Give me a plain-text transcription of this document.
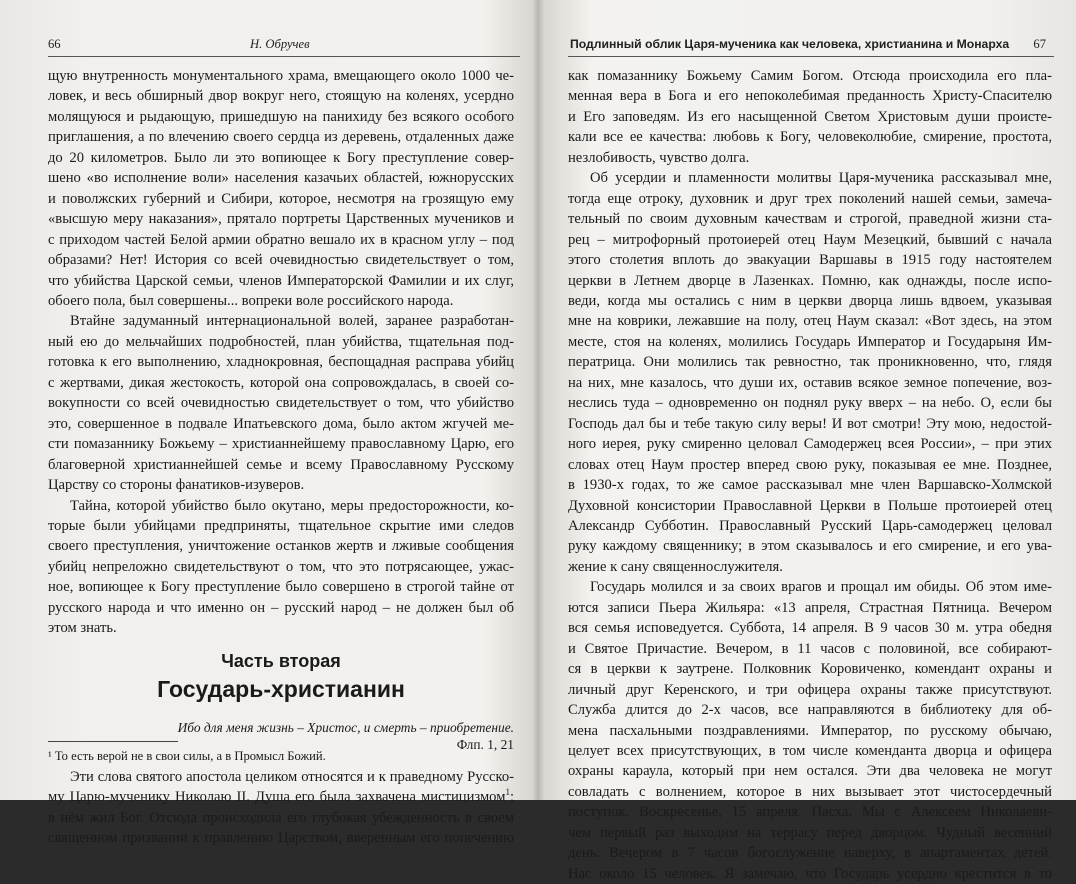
66	Н. Обручев
щую внутренность монументального храма, вмещающего около 1000 че-
ловек, и весь обширный двор вокруг него, стоящую на коленях, усердно
молящуюся и рыдающую, пришедшую на панихиду без всякого особого
приглашения, а по влечению своего сердца из деревень, отдаленных даже
до 20 километров. Было ли это вопиющее к Богу преступление совер-
шено «во исполнение воли» населения казачьих областей, южнорусских
и поволжских губерний и Сибири, которое, несмотря на грозящую ему
«высшую меру наказания», прятало портреты Царственных мучеников и
с приходом частей Белой армии обратно вешало их в красном углу – под
образами? Нет! История со всей очевидностью свидетельствует о том,
что убийства Царской семьи, членов Императорской Фамилии и их слуг,
обоего пола, был совершены... вопреки воле российского народа.
Втайне задуманный интернациональной волей, заранее разработан-
ный ею до мельчайших подробностей, план убийства, тщательная под-
готовка к его выполнению, хладнокровная, беспощадная расправа убийц
с жертвами, дикая жестокость, которой она сопровождалась, в своей со-
вокупности со всей очевидностью свидетельствует о том, что убийство
это, совершенное в подвале Ипатьевского дома, было актом жгучей ме-
сти помазаннику Божьему – христианнейшему православному Царю, его
благоверной христианнейшей семье и всему Православному Русскому
Царству со стороны фанатиков-изуверов.
Тайна, которой убийство было окутано, меры предосторожности, ко-
торые были убийцами предприняты, тщательное скрытие ими следов
своего преступления, уничтожение останков жертв и лживые сообщения
убийц непреложно свидетельствуют о том, что это потрясающее, ужас-
ное, вопиющее к Богу преступление было совершено в строгой тайне от
русского народа и что именно он – русский народ – не должен был об
этом знать.
Часть вторая
Государь-христианин
Ибо для меня жизнь – Христос, и смерть – приобретение.
Флп. 1, 21
Эти слова святого апостола целиком относятся и к праведному Русско-
му Царю-мученику Николаю II. Душа его была захвачена мистицизмом$^1$;
в нём жил Бог. Отсюда происходила его глубокая убежденность в своем
священном призвании к правлению Царством, вверенным его попечению
¹ То есть верой не в свои силы, а в Промысл Божий.
Подлинный облик Царя-мученика как человека, христианина и Монарха 67
как помазаннику Божьему Самим Богом. Отсюда происходила его пла-
менная вера в Бога и его непоколебимая преданность Христу-Спасителю
и Его заповедям. Из его насыщенной Светом Христовым души происте-
кали все ее качества: любовь к Богу, человеколюбие, смирение, простота,
незлобивость, чувство долга.
Об усердии и пламенности молитвы Царя-мученика рассказывал мне,
тогда еще отроку, духовник и друг трех поколений нашей семьи, замеча-
тельный по своим духовным качествам и строгой, праведной жизни ста-
рец – митрофорный протоиерей отец Наум Мезецкий, бывший с начала
этого столетия вплоть до эвакуации Варшавы в 1915 году настоятелем
церкви в Летнем дворце в Лазенках. Помню, как однажды, после испо-
веди, когда мы остались с ним в церкви дворца лишь вдвоем, указывая
мне на коврики, лежавшие на полу, отец Наум сказал: «Вот здесь, на этом
месте, стоя на коленях, молились Государь Император и Государыня Им-
ператрица. Они молились так ревностно, так проникновенно, что, глядя
на них, мне казалось, что души их, оставив всякое земное попечение, воз-
неслись туда – одновременно он поднял руку вверх – на небо. О, если бы
Господь дал бы и тебе такую силу веры! И вот смотри! Эту мою, недостой-
ного иерея, руку смиренно целовал Самодержец всея России», – при этих
словах отец Наум простер вперед свою руку, показывая ее мне. Позднее,
в 1930-х годах, то же самое рассказывал мне член Варшавско-Холмской
Духовной консистории Православной Церкви в Польше протоиерей отец
Александр Субботин. Православный Русский Царь-самодержец целовал
руку каждому священнику; в этом сказывалось и его смирение, и его ува-
жение к сану священнослужителя.
Государь молился и за своих врагов и прощал им обиды. Об этом име-
ются записи Пьера Жильяра: «13 апреля, Страстная Пятница. Вечером
вся семья исповедуется. Суббота, 14 апреля. В 9 часов 30 м. утра обедня
и Святое Причастие. Вечером, в 11 часов с половиной, все собирают-
ся в церкви к заутрене. Полковник Коровиченко, комендант охраны и
личный друг Керенского, и три офицера охраны также присутствуют.
Служба длится до 2-х часов, все направляются в библиотеку для об-
мена пасхальными поздравлениями. Император, по русскому обычаю,
целует всех присутствующих, в том числе коменданта дворца и офицера
охраны караула, который при нем остался. Эти два человека не могут
совладать с волнением, которое в них вызывает этот чистосердечный
поступок. Воскресенье, 15 апреля. Пасха. Мы с Алексеем Николаеви-
чем первый раз выходим на террасу перед дворцом. Чудный весенний
день. Вечером в 7 часов богослужение наверху, в апартаментах детей.
Нас около 15 человек. Я замечаю, что Государь усердно крестится в то
